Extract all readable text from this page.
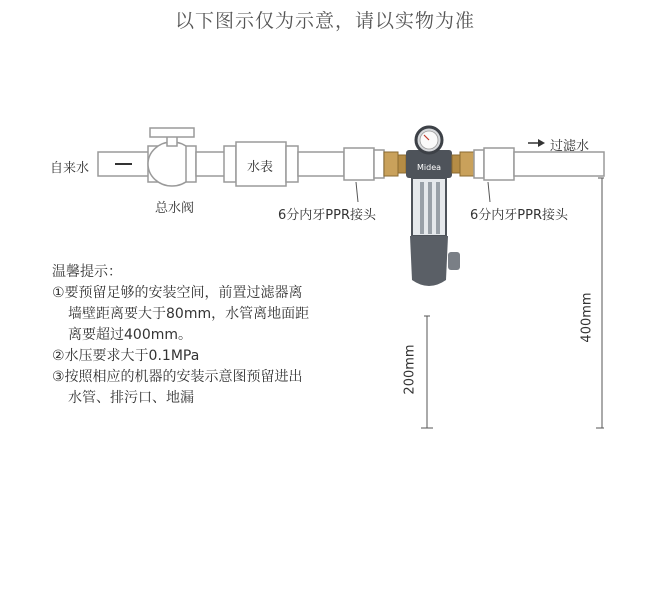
以下图示仅为示意，请以实物为准
Midea
自来水
总水阀
水表
6分内牙PPR接头	6分内牙PPR接头
过滤水
400mm
200mm
温馨提示：
①要预留足够的安装空间，前置过滤器离
墙壁距离要大于80mm，水管离地面距
离要超过400mm。
②水压要求大于0.1MPa
③按照相应的机器的安装示意图预留进出
水管、排污口、地漏
